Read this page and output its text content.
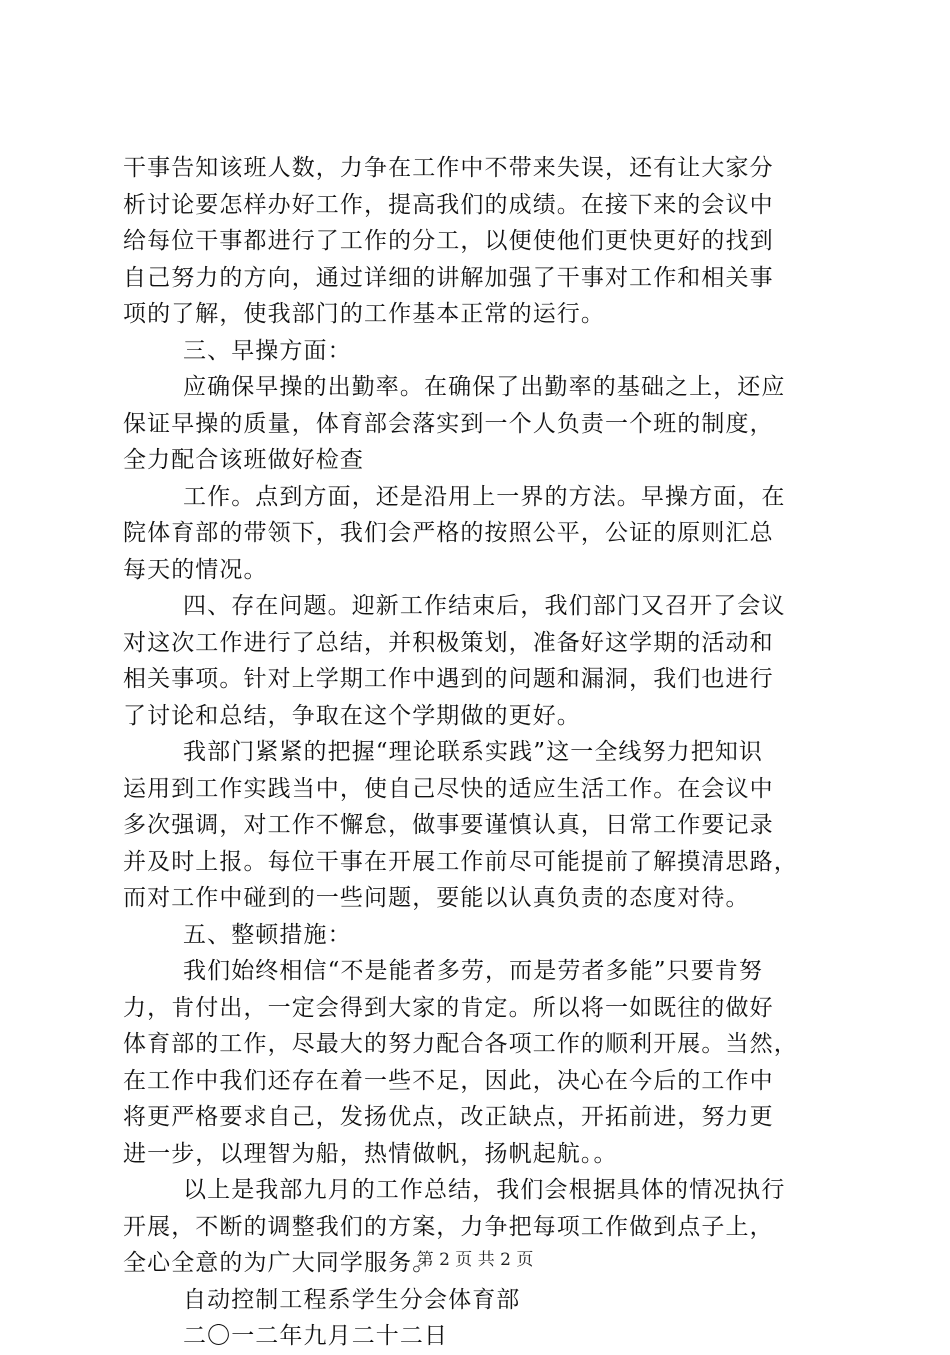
干事告知该班人数，力争在工作中不带来失误，还有让大家分
析讨论要怎样办好工作，提高我们的成绩。在接下来的会议中
给每位干事都进行了工作的分工，以便使他们更快更好的找到
自己努力的方向，通过详细的讲解加强了干事对工作和相关事
项的了解，使我部门的工作基本正常的运行。
三、早操方面：
应确保早操的出勤率。在确保了出勤率的基础之上，还应
保证早操的质量，体育部会落实到一个人负责一个班的制度，
全力配合该班做好检查
工作。点到方面，还是沿用上一界的方法。早操方面，在
院体育部的带领下，我们会严格的按照公平，公证的原则汇总
每天的情况。
四、存在问题。迎新工作结束后，我们部门又召开了会议
对这次工作进行了总结，并积极策划，准备好这学期的活动和
相关事项。针对上学期工作中遇到的问题和漏洞，我们也进行
了讨论和总结，争取在这个学期做的更好。
我部门紧紧的把握“理论联系实践”这一全线努力把知识
运用到工作实践当中，使自己尽快的适应生活工作。在会议中
多次强调，对工作不懈怠，做事要谨慎认真，日常工作要记录
并及时上报。每位干事在开展工作前尽可能提前了解摸清思路，
而对工作中碰到的一些问题，要能以认真负责的态度对待。
五、整顿措施：
我们始终相信“不是能者多劳，而是劳者多能”只要肯努
力，肯付出，一定会得到大家的肯定。所以将一如既往的做好
体育部的工作，尽最大的努力配合各项工作的顺利开展。当然，
在工作中我们还存在着一些不足，因此，决心在今后的工作中
将更严格要求自己，发扬优点，改正缺点，开拓前进，努力更
进一步，以理智为船，热情做帆，扬帆起航。。
以上是我部九月的工作总结，我们会根据具体的情况执行
开展，不断的调整我们的方案，力争把每项工作做到点子上，
全心全意的为广大同学服务。
自动控制工程系学生分会体育部
二〇一二年九月二十二日
第 2 页 共 2 页
